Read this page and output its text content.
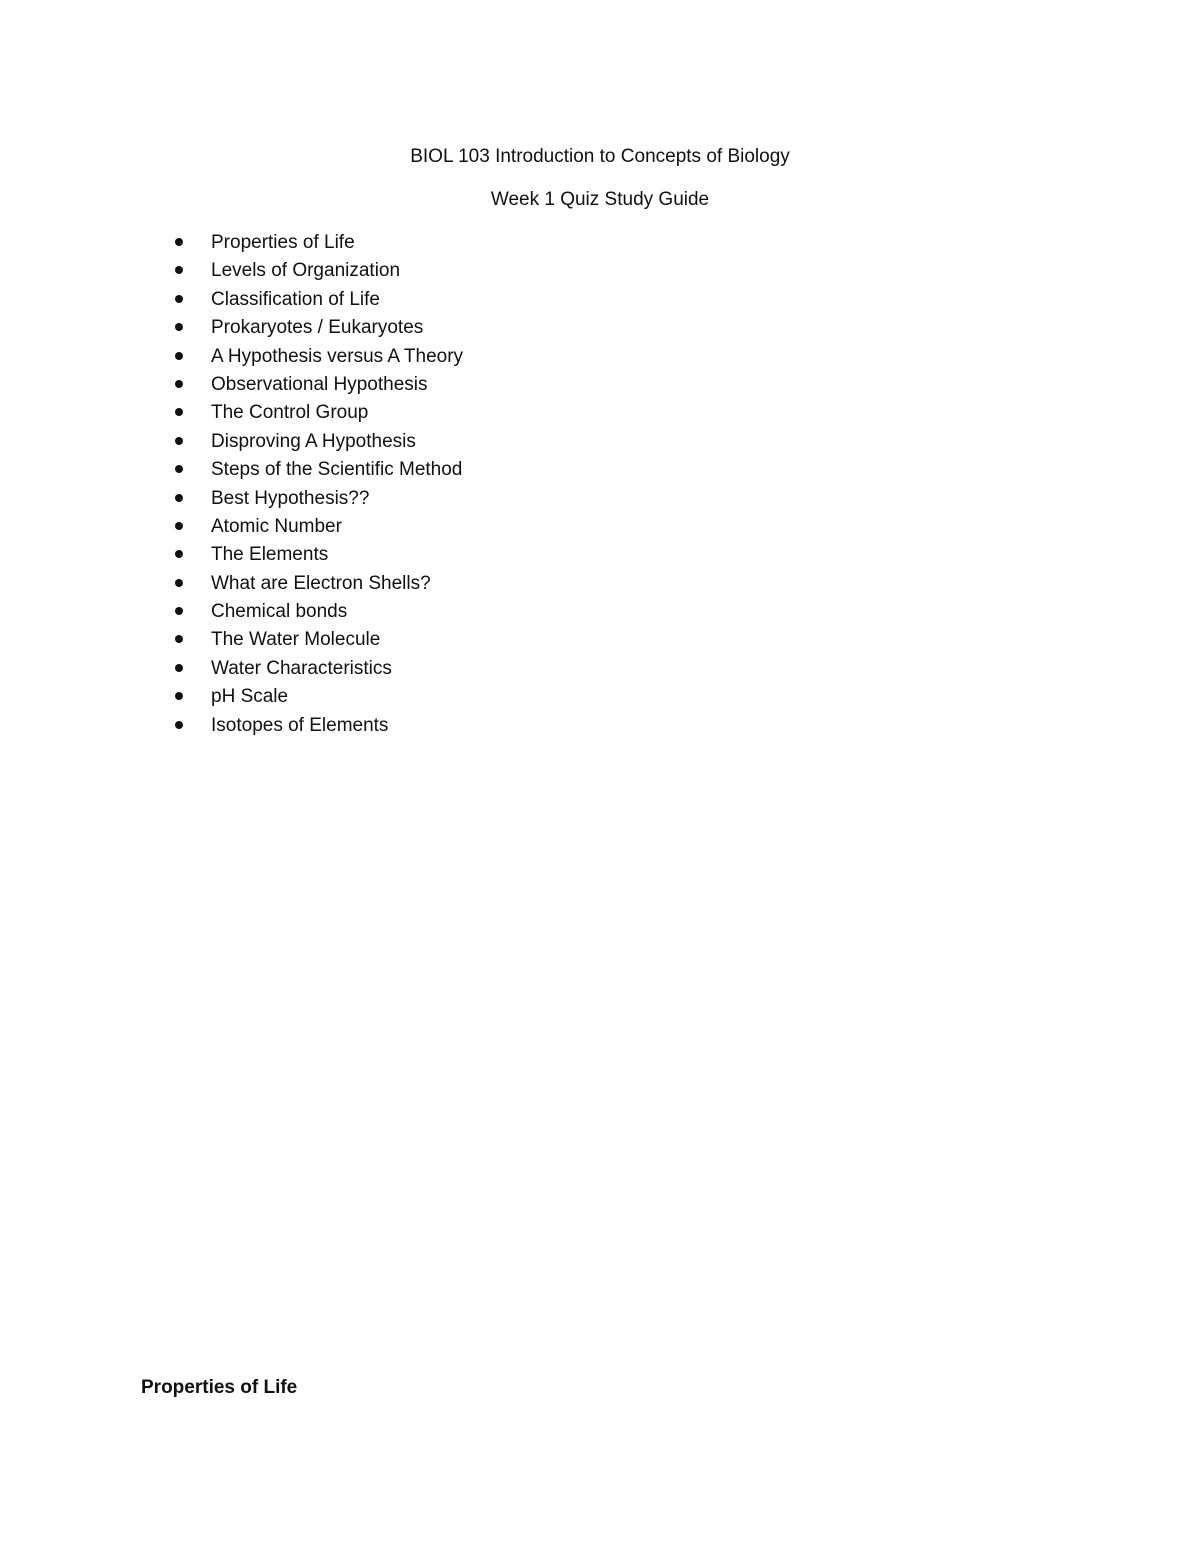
BIOL 103 Introduction to Concepts of Biology
Week 1 Quiz Study Guide
Properties of Life
Levels of Organization
Classification of Life
Prokaryotes / Eukaryotes
A Hypothesis versus A Theory
Observational Hypothesis
The Control Group
Disproving A Hypothesis
Steps of the Scientific Method
Best Hypothesis??
Atomic Number
The Elements
What are Electron Shells?
Chemical bonds
The Water Molecule
Water Characteristics
pH Scale
Isotopes of Elements
Properties of Life
